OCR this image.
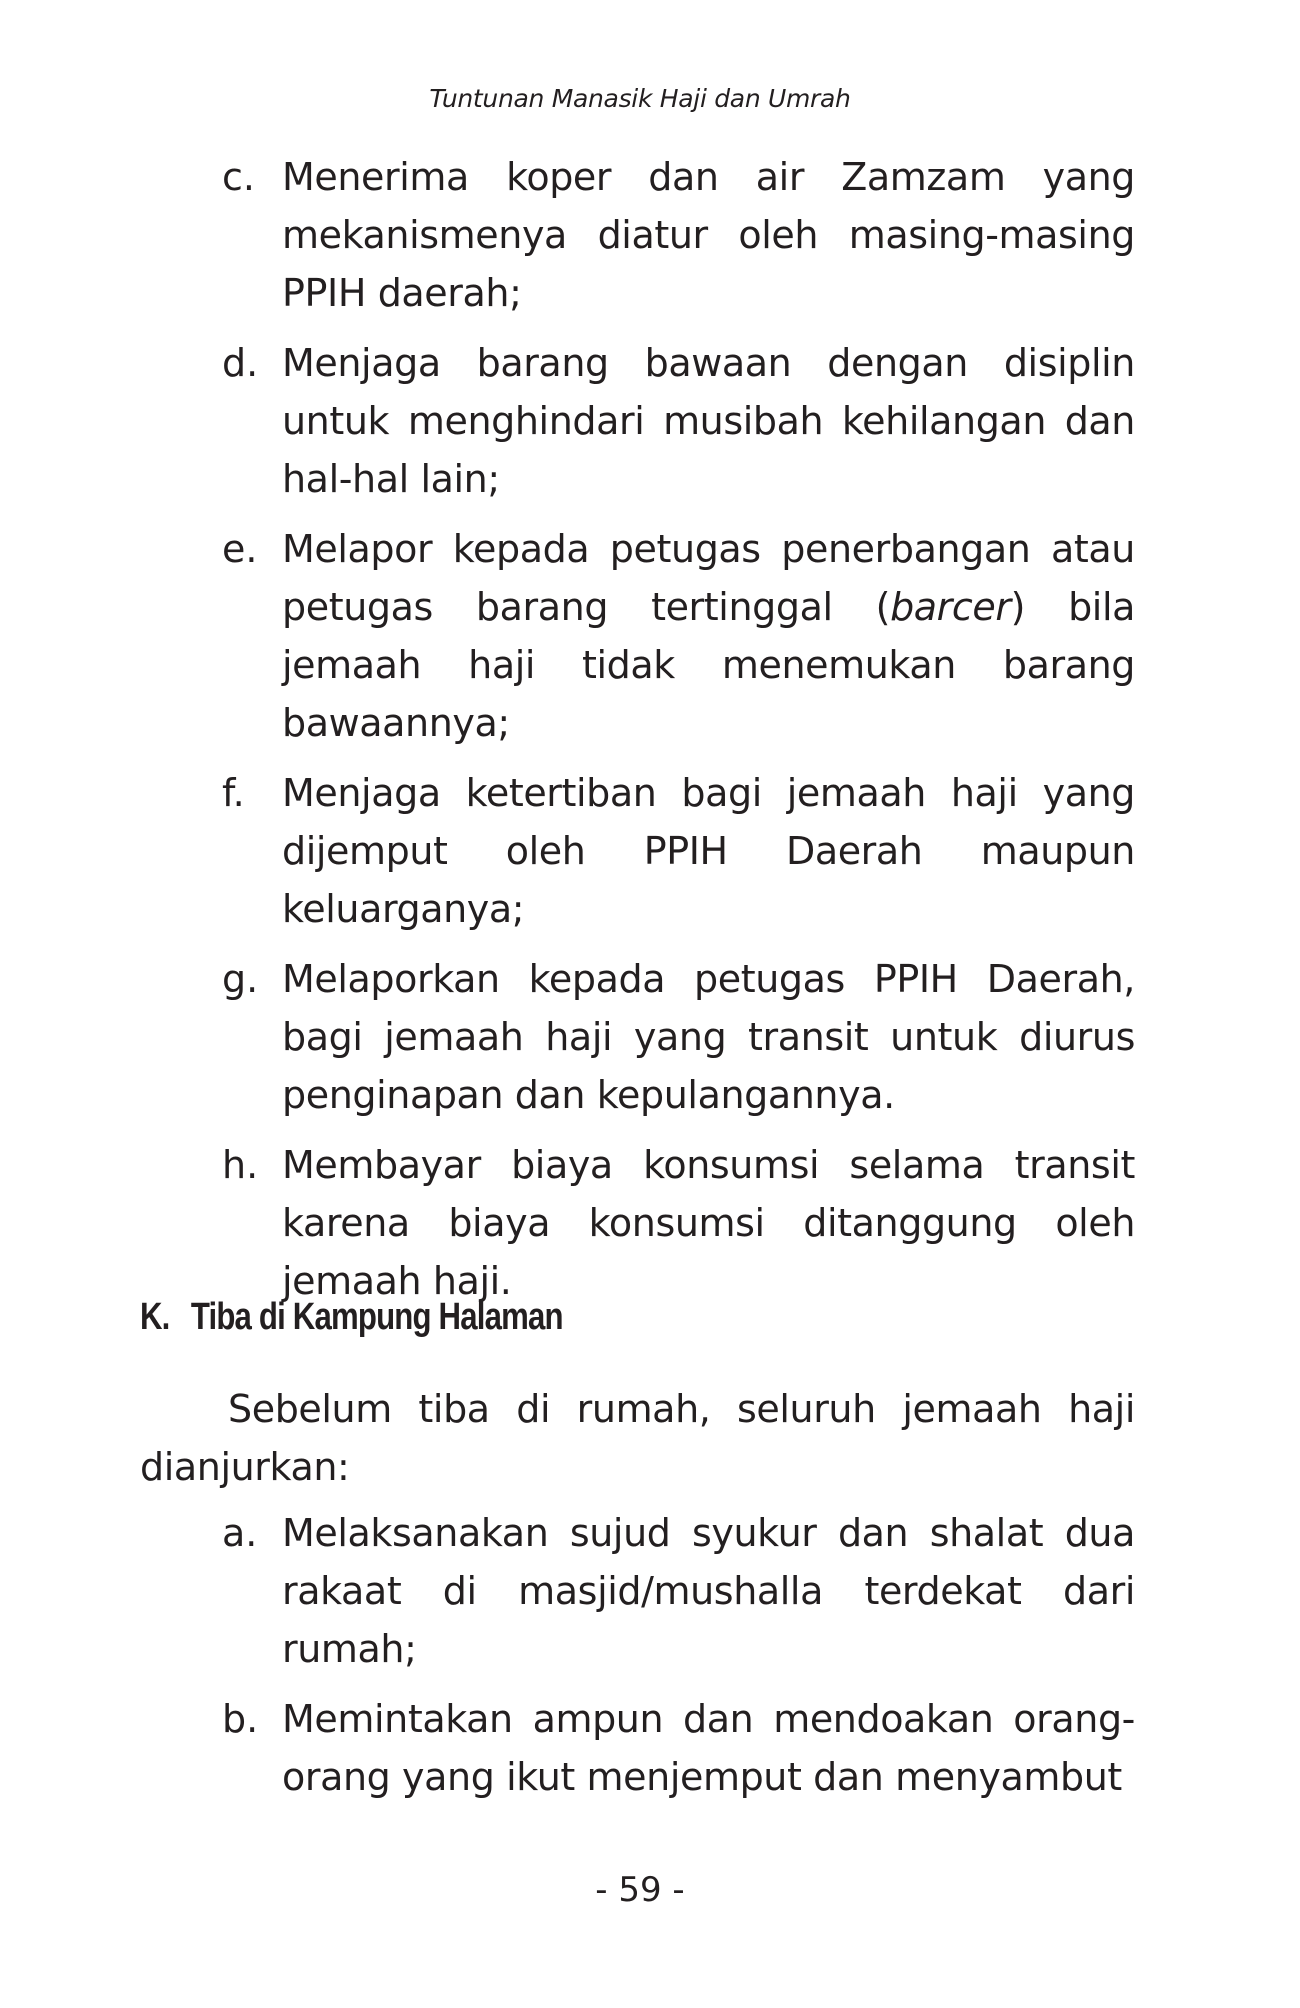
Tuntunan Manasik Haji dan Umrah
c. Menerima koper dan air Zamzam yang mekanismenya diatur oleh masing-masing PPIH daerah;
d. Menjaga barang bawaan dengan disiplin untuk menghindari musibah kehilangan dan hal-hal lain;
e. Melapor kepada petugas penerbangan atau petugas barang tertinggal (barcer) bila jemaah haji tidak menemukan barang bawaannya;
f. Menjaga ketertiban bagi jemaah haji yang dijemput oleh PPIH Daerah maupun keluarganya;
g. Melaporkan kepada petugas PPIH Daerah, bagi jemaah haji yang transit untuk diurus penginapan dan kepulangannya.
h. Membayar biaya konsumsi selama transit karena biaya konsumsi ditanggung oleh jemaah haji.
K. Tiba di Kampung Halaman

Sebelum tiba di rumah, seluruh jemaah haji dianjurkan:

a. Melaksanakan sujud syukur dan shalat dua rakaat di masjid/mushalla terdekat dari rumah;
b. Memintakan ampun dan mendoakan orang-orang yang ikut menjemput dan menyambut
- 59 -
